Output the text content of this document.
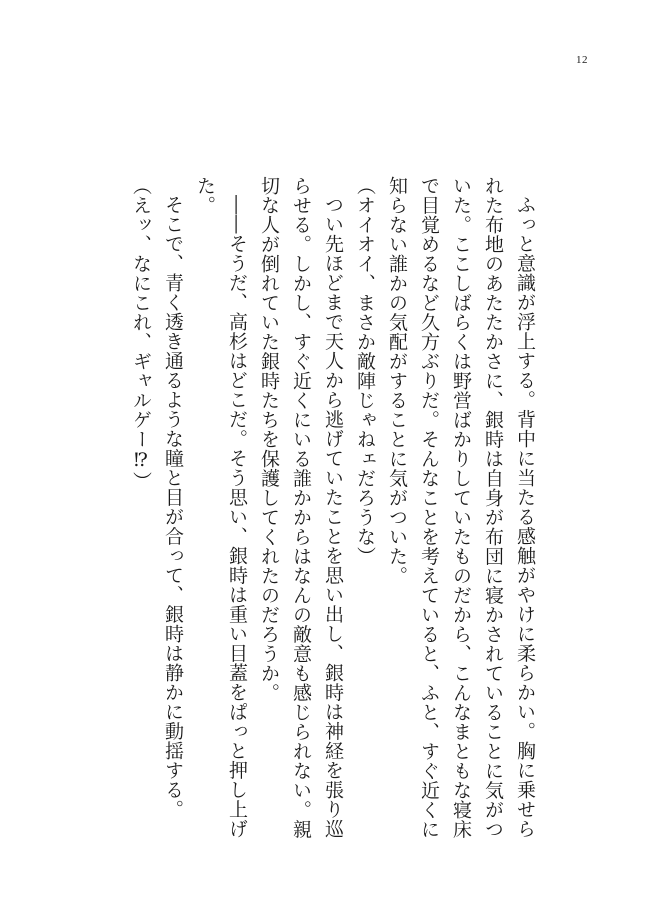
12

ふっと意識が浮上する。背中に当たる感触がやけに柔らかい。胸に乗せられた布地のあたたかさに、銀時は自身が布団に寝かされていることに気がついた。ここしばらくは野営ばかりしていたものだから、こんなまともな寝床で目覚めるなど久方ぶりだ。そんなことを考えていると、ふと、すぐ近くに知らない誰かの気配がすることに気がついた。

（オイオイ、まさか敵陣じゃねェだろうな）

つい先ほどまで天人から逃げていたことを思い出し、銀時は神経を張り巡らせる。しかし、すぐ近くにいる誰かからはなんの敵意も感じられない。親切な人が倒れていた銀時たちを保護してくれたのだろうか。

――そうだ、高杉はどこだ。そう思い、銀時は重い目蓋をぱっと押し上げた。

そこで、青く透き通るような瞳と目が合って、銀時は静かに動揺する。

（えッ、なにこれ、ギャルゲー⁉）
